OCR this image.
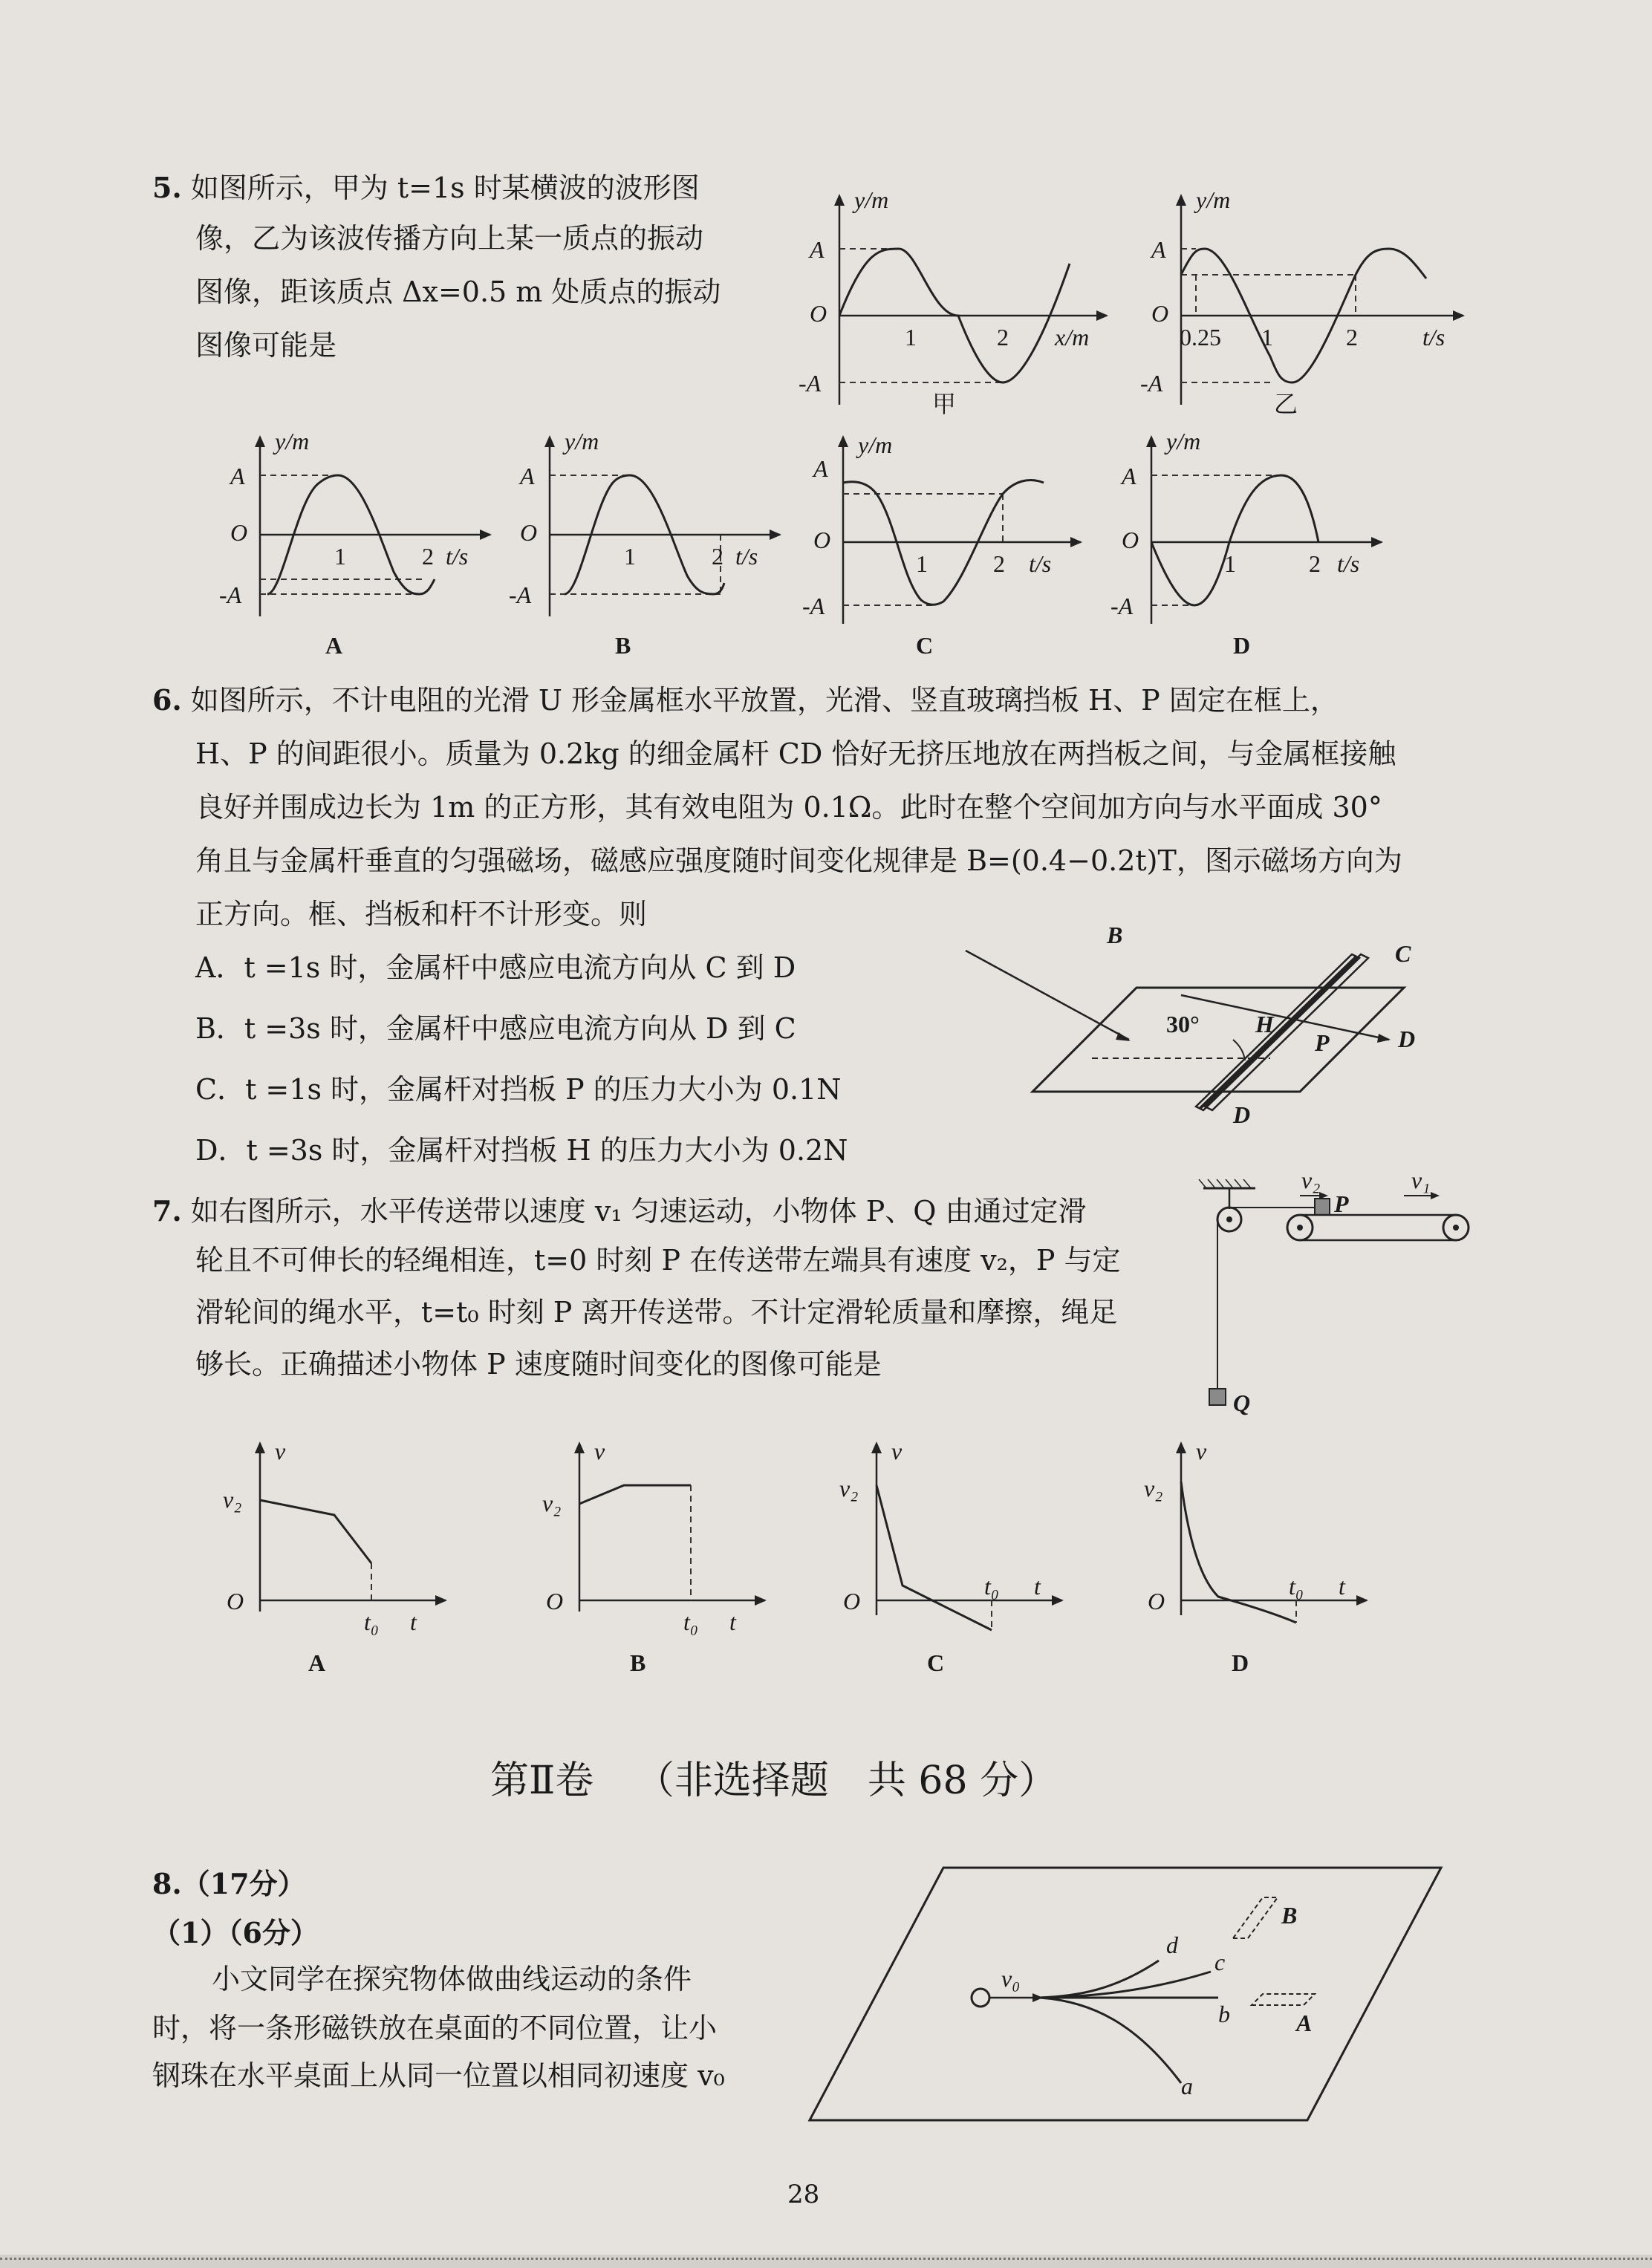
5. 如图所示，甲为 t=1s 时某横波的波形图
像，乙为该波传播方向上某一质点的振动
图像，距该质点 Δx=0.5 m 处质点的振动
图像可能是
y/m
A
-A
O
1	2 x/m
甲
y/m
A
-A
O
0.25 1	2	t/s
乙
y/m
A
-A
O
1	2 t/s
A
y/m
A
-A
O
1	2 t/s
B
y/m
A
-A
O
1	2 t/s
C
y/m
A
-A
O
1	2 t/s
D
6. 如图所示，不计电阻的光滑 U 形金属框水平放置，光滑、竖直玻璃挡板 H、P 固定在框上，
H、P 的间距很小。质量为 0.2kg 的细金属杆 CD 恰好无挤压地放在两挡板之间，与金属框接触
良好并围成边长为 1m 的正方形，其有效电阻为 0.1Ω。此时在整个空间加方向与水平面成 30°
角且与金属杆垂直的匀强磁场，磁感应强度随时间变化规律是 B=(0.4−0.2t)T，图示磁场方向为
正方向。框、挡板和杆不计形变。则
A．t =1s 时，金属杆中感应电流方向从 C 到 D
B．t =3s 时，金属杆中感应电流方向从 D 到 C
C．t =1s 时，金属杆对挡板 P 的压力大小为 0.1N
D．t =3s 时，金属杆对挡板 H 的压力大小为 0.2N
B
C
H
P	D
D
30°
7. 如右图所示，水平传送带以速度 v₁ 匀速运动，小物体 P、Q 由通过定滑
轮且不可伸长的轻绳相连，t=0 时刻 P 在传送带左端具有速度 v₂，P 与定
滑轮间的绳水平，t=t₀ 时刻 P 离开传送带。不计定滑轮质量和摩擦，绳足
够长。正确描述小物体 P 速度随时间变化的图像可能是
v₁
v₂
P
Q
v
v₂
O
t₀ t
A
v
v₂
O
t₀ t
B
v
v₂
O
t₀ t
C
v
v₂
O
t₀ t
D
第Ⅱ卷 （非选择题　共 68 分）
8.（17分）
（1）（6分）
小文同学在探究物体做曲线运动的条件
时，将一条形磁铁放在桌面的不同位置，让小
钢珠在水平桌面上从同一位置以相同初速度 v₀
v₀
a
b
c
d
A
B
28
